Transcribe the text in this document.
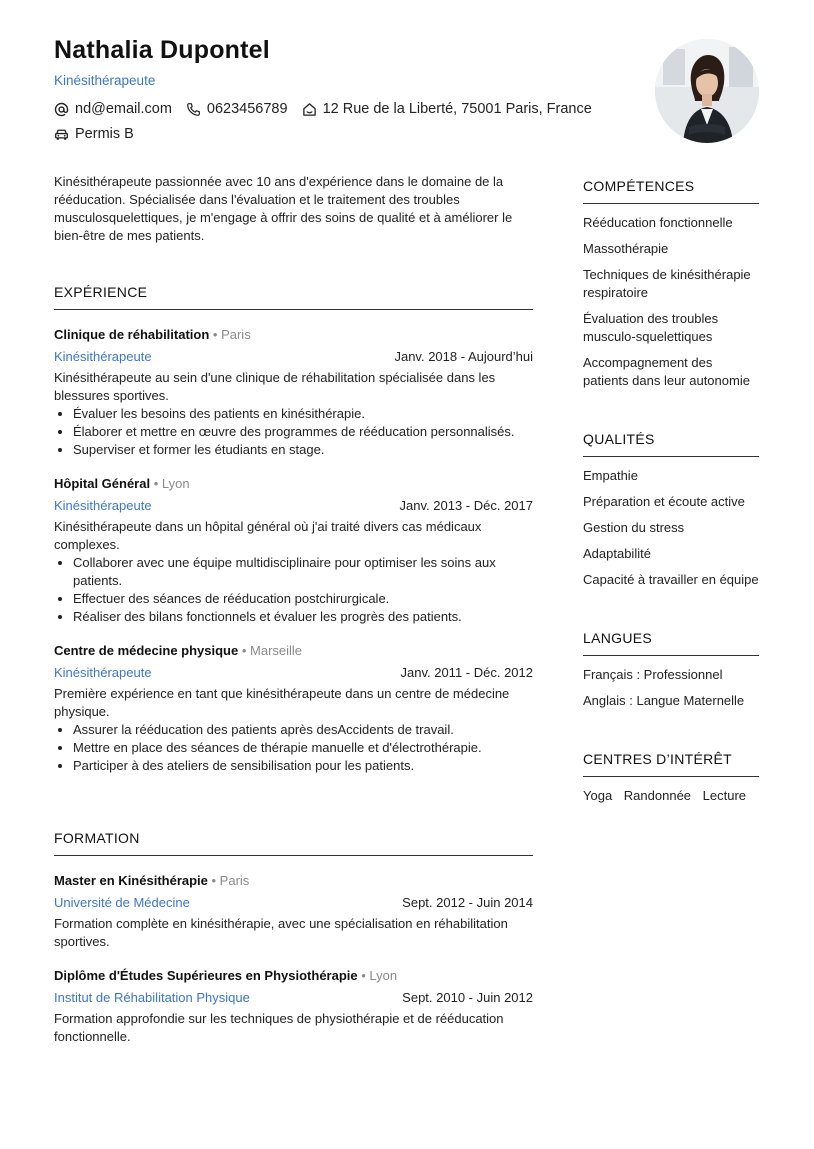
Nathalia Dupontel
Kinésithérapeute
nd@email.com 0623456789 12 Rue de la Liberté, 75001 Paris, France
Permis B

Kinésithérapeute passionnée avec 10 ans d'expérience dans le domaine de la rééducation. Spécialisée dans l'évaluation et le traitement des troubles musculosquelettiques, je m'engage à offrir des soins de qualité et à améliorer le bien-être de mes patients.

EXPÉRIENCE
Clinique de réhabilitation • Paris
Kinésithérapeute	Janv. 2018 - Aujourd’hui

Kinésithérapeute au sein d'une clinique de réhabilitation spécialisée dans les blessures sportives.

• Évaluer les besoins des patients en kinésithérapie.
• Élaborer et mettre en œuvre des programmes de rééducation personnalisés.
• Superviser et former les étudiants en stage.
Hôpital Général • Lyon
Kinésithérapeute	Janv. 2013 - Déc. 2017

Kinésithérapeute dans un hôpital général où j'ai traité divers cas médicaux complexes.

• Collaborer avec une équipe multidisciplinaire pour optimiser les soins aux patients.
• Effectuer des séances de rééducation postchirurgicale.
• Réaliser des bilans fonctionnels et évaluer les progrès des patients.
Centre de médecine physique • Marseille
Kinésithérapeute	Janv. 2011 - Déc. 2012

Première expérience en tant que kinésithérapeute dans un centre de médecine physique.

• Assurer la rééducation des patients après desAccidents de travail.
• Mettre en place des séances de thérapie manuelle et d'électrothérapie.
• Participer à des ateliers de sensibilisation pour les patients.
FORMATION
Master en Kinésithérapie • Paris
Université de Médecine	Sept. 2012 - Juin 2014

Formation complète en kinésithérapie, avec une spécialisation en réhabilitation sportives.

Diplôme d'Études Supérieures en Physiothérapie • Lyon
Institut de Réhabilitation Physique	Sept. 2010 - Juin 2012

Formation approfondie sur les techniques de physiothérapie et de rééducation fonctionnelle.

COMPÉTENCES
Rééducation fonctionnelle
Massothérapie
Techniques de kinésithérapie respiratoire
Évaluation des troubles musculo-squelettiques
Accompagnement des patients dans leur autonomie
QUALITÉS
Empathie
Préparation et écoute active
Gestion du stress
Adaptabilité
Capacité à travailler en équipe
LANGUES
Français : Professionnel
Anglais : Langue Maternelle
CENTRES D’INTÉRÊT
Yoga Randonnée Lecture
